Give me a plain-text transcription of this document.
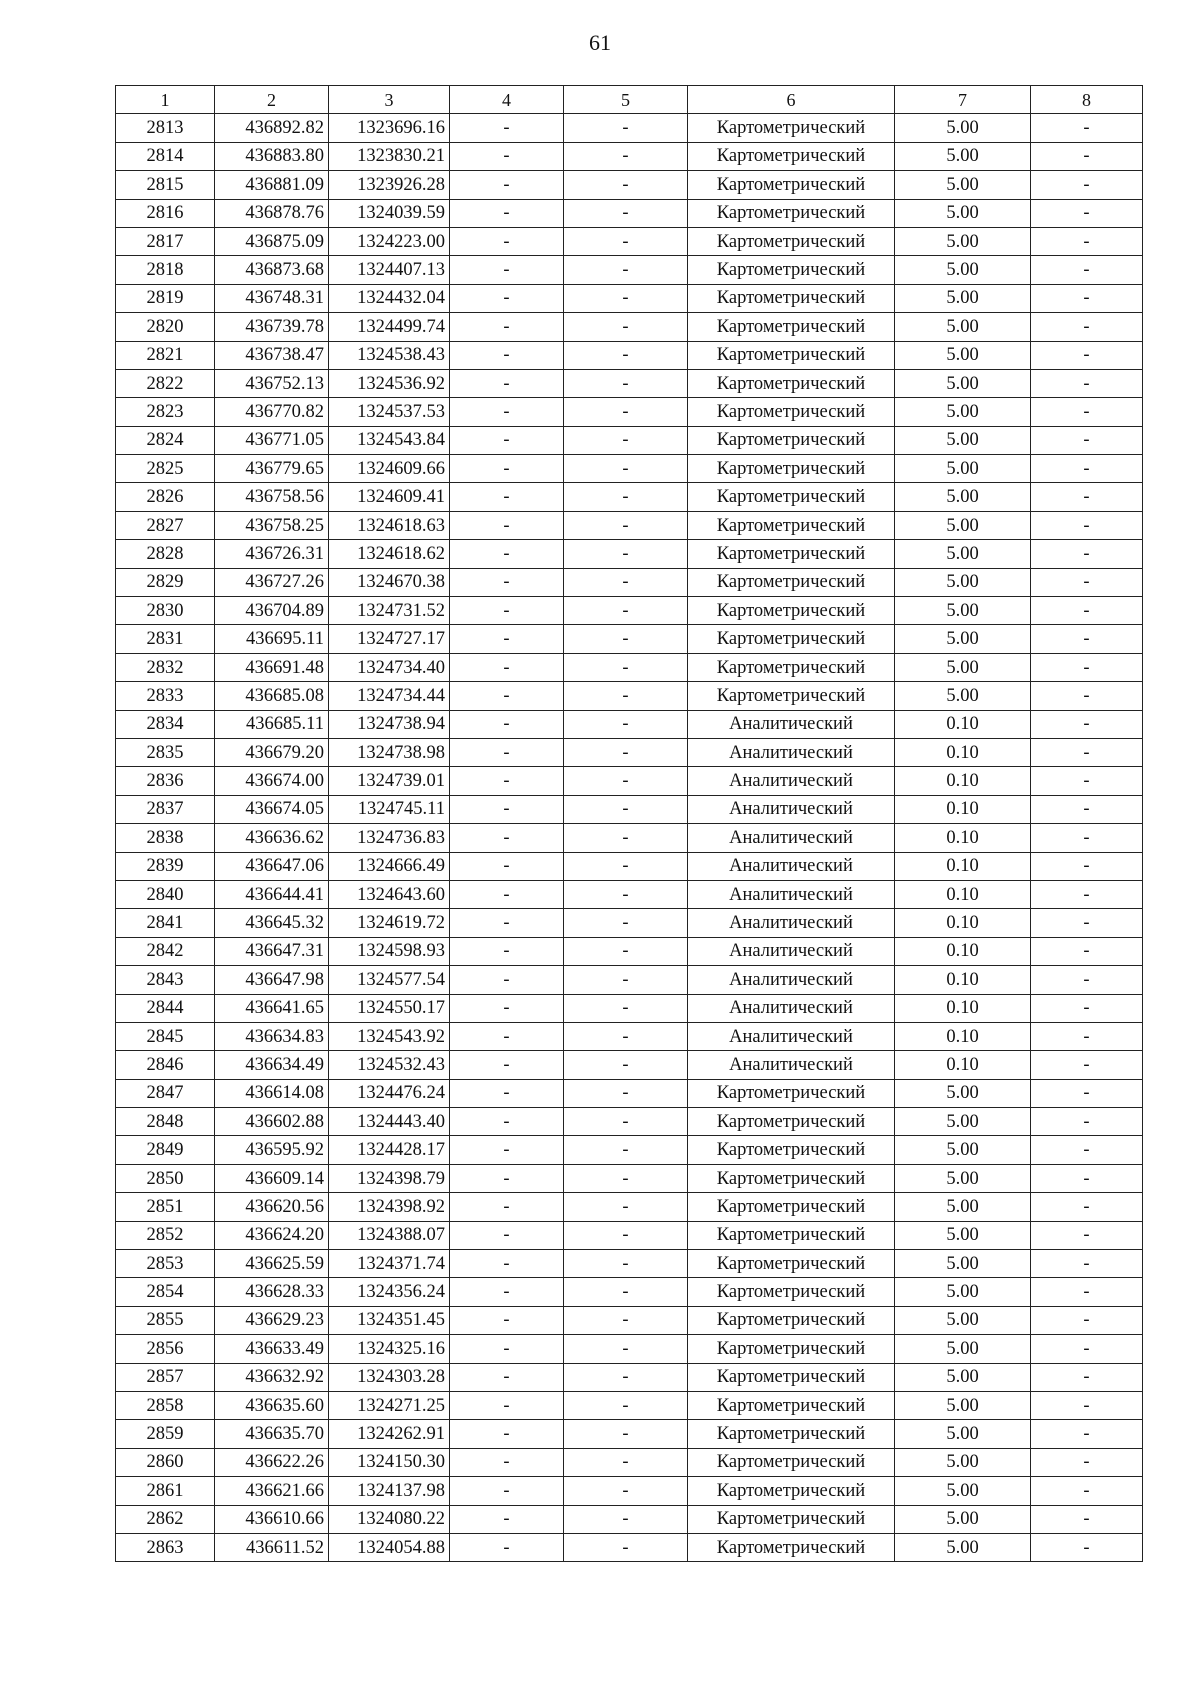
61
1	2	3	4	5	6	7	8
2813	436892.82	1323696.16	-	-	Картометрический	5.00	-
2814	436883.80	1323830.21	-	-	Картометрический	5.00	-
2815	436881.09	1323926.28	-	-	Картометрический	5.00	-
2816	436878.76	1324039.59	-	-	Картометрический	5.00	-
2817	436875.09	1324223.00	-	-	Картометрический	5.00	-
2818	436873.68	1324407.13	-	-	Картометрический	5.00	-
2819	436748.31	1324432.04	-	-	Картометрический	5.00	-
2820	436739.78	1324499.74	-	-	Картометрический	5.00	-
2821	436738.47	1324538.43	-	-	Картометрический	5.00	-
2822	436752.13	1324536.92	-	-	Картометрический	5.00	-
2823	436770.82	1324537.53	-	-	Картометрический	5.00	-
2824	436771.05	1324543.84	-	-	Картометрический	5.00	-
2825	436779.65	1324609.66	-	-	Картометрический	5.00	-
2826	436758.56	1324609.41	-	-	Картометрический	5.00	-
2827	436758.25	1324618.63	-	-	Картометрический	5.00	-
2828	436726.31	1324618.62	-	-	Картометрический	5.00	-
2829	436727.26	1324670.38	-	-	Картометрический	5.00	-
2830	436704.89	1324731.52	-	-	Картометрический	5.00	-
2831	436695.11	1324727.17	-	-	Картометрический	5.00	-
2832	436691.48	1324734.40	-	-	Картометрический	5.00	-
2833	436685.08	1324734.44	-	-	Картометрический	5.00	-
2834	436685.11	1324738.94	-	-	Аналитический	0.10	-
2835	436679.20	1324738.98	-	-	Аналитический	0.10	-
2836	436674.00	1324739.01	-	-	Аналитический	0.10	-
2837	436674.05	1324745.11	-	-	Аналитический	0.10	-
2838	436636.62	1324736.83	-	-	Аналитический	0.10	-
2839	436647.06	1324666.49	-	-	Аналитический	0.10	-
2840	436644.41	1324643.60	-	-	Аналитический	0.10	-
2841	436645.32	1324619.72	-	-	Аналитический	0.10	-
2842	436647.31	1324598.93	-	-	Аналитический	0.10	-
2843	436647.98	1324577.54	-	-	Аналитический	0.10	-
2844	436641.65	1324550.17	-	-	Аналитический	0.10	-
2845	436634.83	1324543.92	-	-	Аналитический	0.10	-
2846	436634.49	1324532.43	-	-	Аналитический	0.10	-
2847	436614.08	1324476.24	-	-	Картометрический	5.00	-
2848	436602.88	1324443.40	-	-	Картометрический	5.00	-
2849	436595.92	1324428.17	-	-	Картометрический	5.00	-
2850	436609.14	1324398.79	-	-	Картометрический	5.00	-
2851	436620.56	1324398.92	-	-	Картометрический	5.00	-
2852	436624.20	1324388.07	-	-	Картометрический	5.00	-
2853	436625.59	1324371.74	-	-	Картометрический	5.00	-
2854	436628.33	1324356.24	-	-	Картометрический	5.00	-
2855	436629.23	1324351.45	-	-	Картометрический	5.00	-
2856	436633.49	1324325.16	-	-	Картометрический	5.00	-
2857	436632.92	1324303.28	-	-	Картометрический	5.00	-
2858	436635.60	1324271.25	-	-	Картометрический	5.00	-
2859	436635.70	1324262.91	-	-	Картометрический	5.00	-
2860	436622.26	1324150.30	-	-	Картометрический	5.00	-
2861	436621.66	1324137.98	-	-	Картометрический	5.00	-
2862	436610.66	1324080.22	-	-	Картометрический	5.00	-
2863	436611.52	1324054.88	-	-	Картометрический	5.00	-
